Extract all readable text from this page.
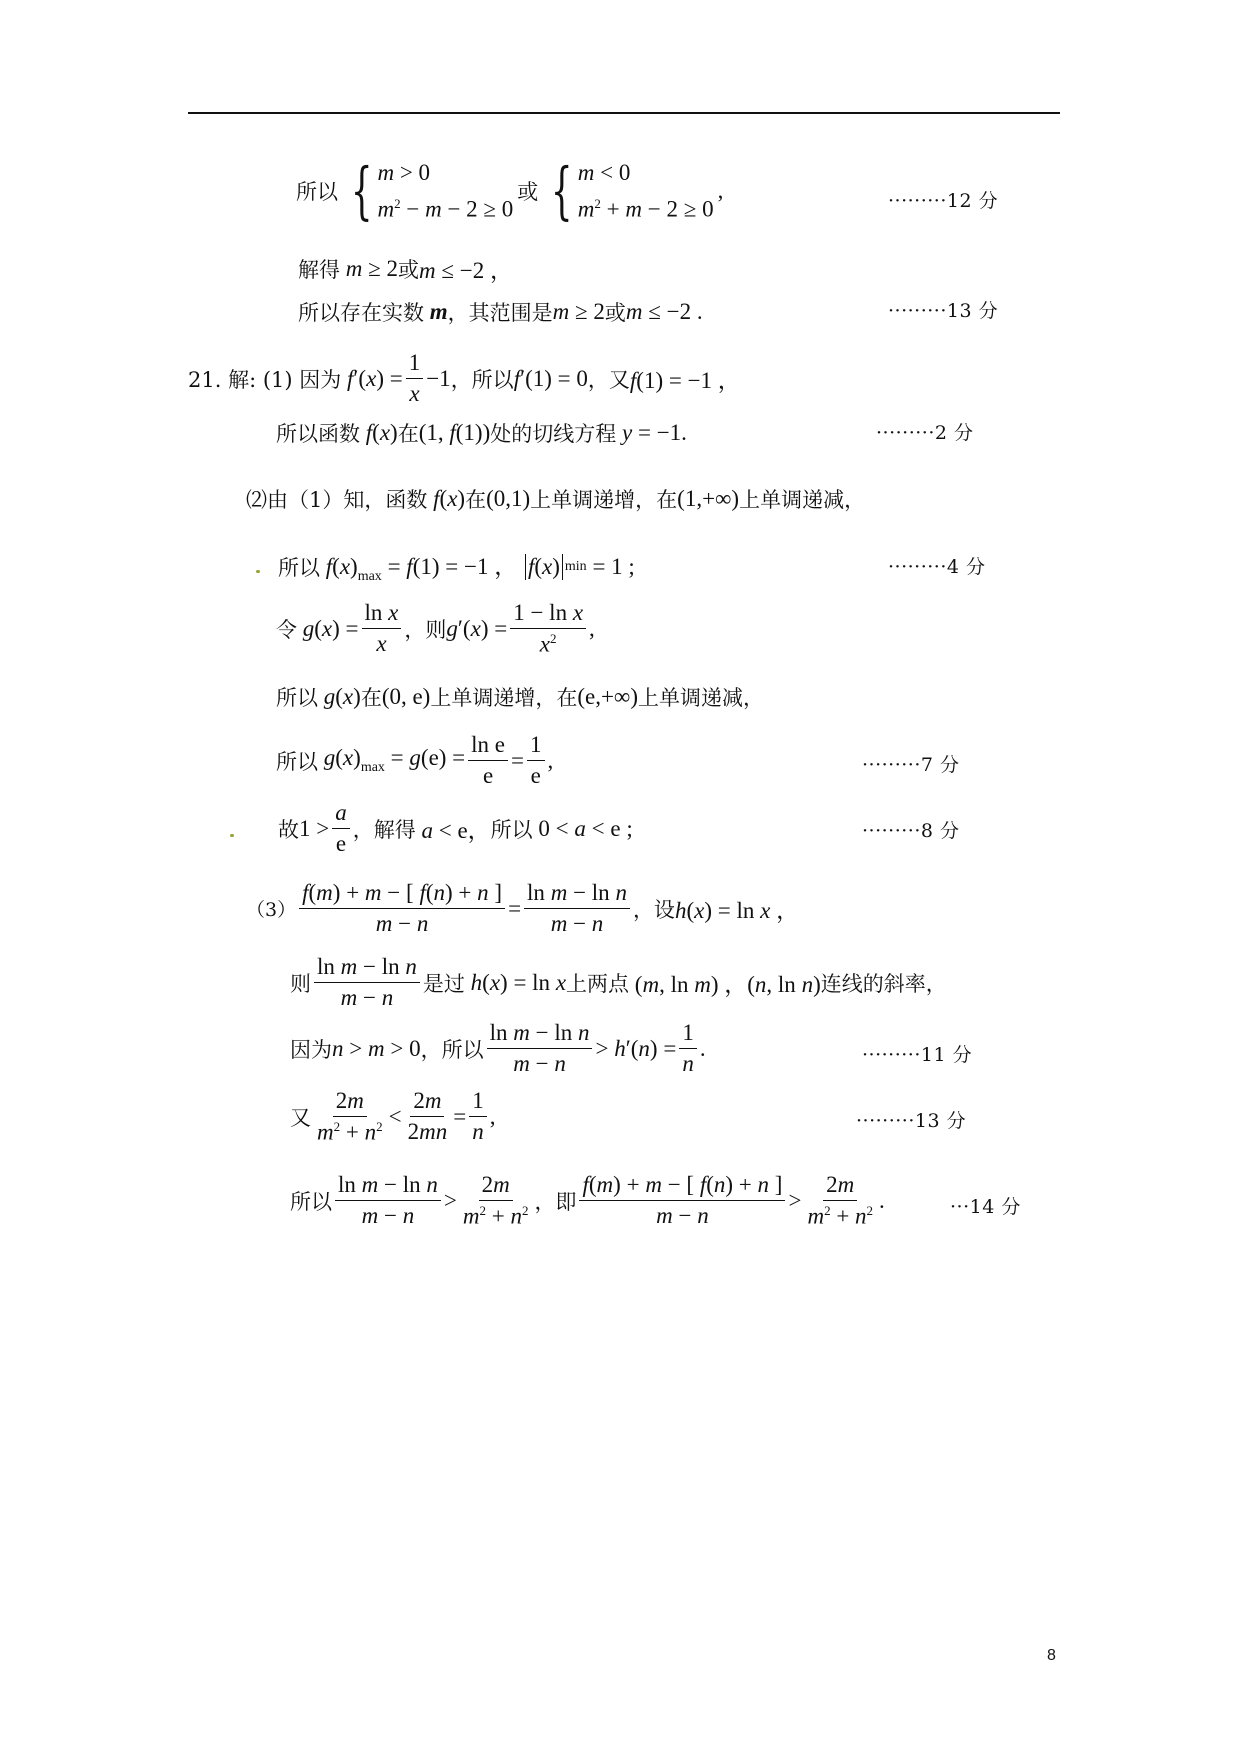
所以 { m > 0
$m^2 - m - 2 \ge 0$
或 { m < 0
$m^2 + m - 2 \ge 0$
,	·········12 分
解得 m ≥ 2 或 m ≤ −2 ，
所以存在实数 m ，其范围是 m ≥ 2 或 m ≤ −2 .	·········13 分
21. 解: (1) 因为 $f'(x) = \frac{1}{x} -1$ ，所以 f′(1) = 0 ，又 f(1) = −1 ，
所以函数 f(x) 在 (1, f(1)) 处的切线方程 y = −1.	·········2 分
⑵由（1）知，函数 f(x) 在 (0,1) 上单调递增，在 (1,+∞) 上单调递减，
所以 $f(x)_{max} = f(1) = -1$ ， f ( x ) min = 1 ;	·········4 分
令 $g(x) = \frac{\text{ln x}}{x}$ ，则 $g'(x) = \frac{\text{1 − ln x}}{x^2}$ ,
所以 g(x) 在 (0, e) 上单调递增，在 (e,+∞) 上单调递减，
所以 $g(x)_{max} = g(e) = \frac{\text{ln e}}{e} = \frac{1}{e}$ ,	·········7 分
故 $1 > \frac{a}{e}$ ，解得 a < e， 所以 0 < a < e ;	·········8 分
$(3) \frac{f(m) + m - [ f(n) + n ]}{m - n} = \frac{\text{ln m − ln n}}{m - n}$ ，设 h(x) = ln x ，
则 $\frac{\text{ln m − ln n}}{m - n}$ 是过 h(x) = ln x 上两点 (m, ln m) ，(n, ln n) 连线的斜率，
因为 n > m > 0 ，所以 $\frac{\text{ln m − ln n}}{m - n} > h'(n) = \frac{1}{n}$ .	·········11 分
又 $\frac{2m}{m^2 + n^2} < \frac{2m}{2mn} = \frac{1}{n}$ ,	·········13 分
所以 $\frac{\text{ln m − ln n}}{m - n} > \frac{2m}{m^2 + n^2}$ ，即 $\frac{f(m) + m - [ f(n) + n ]}{m - n} > \frac{2m}{m^2 + n^2}$ .	···14 分
8
